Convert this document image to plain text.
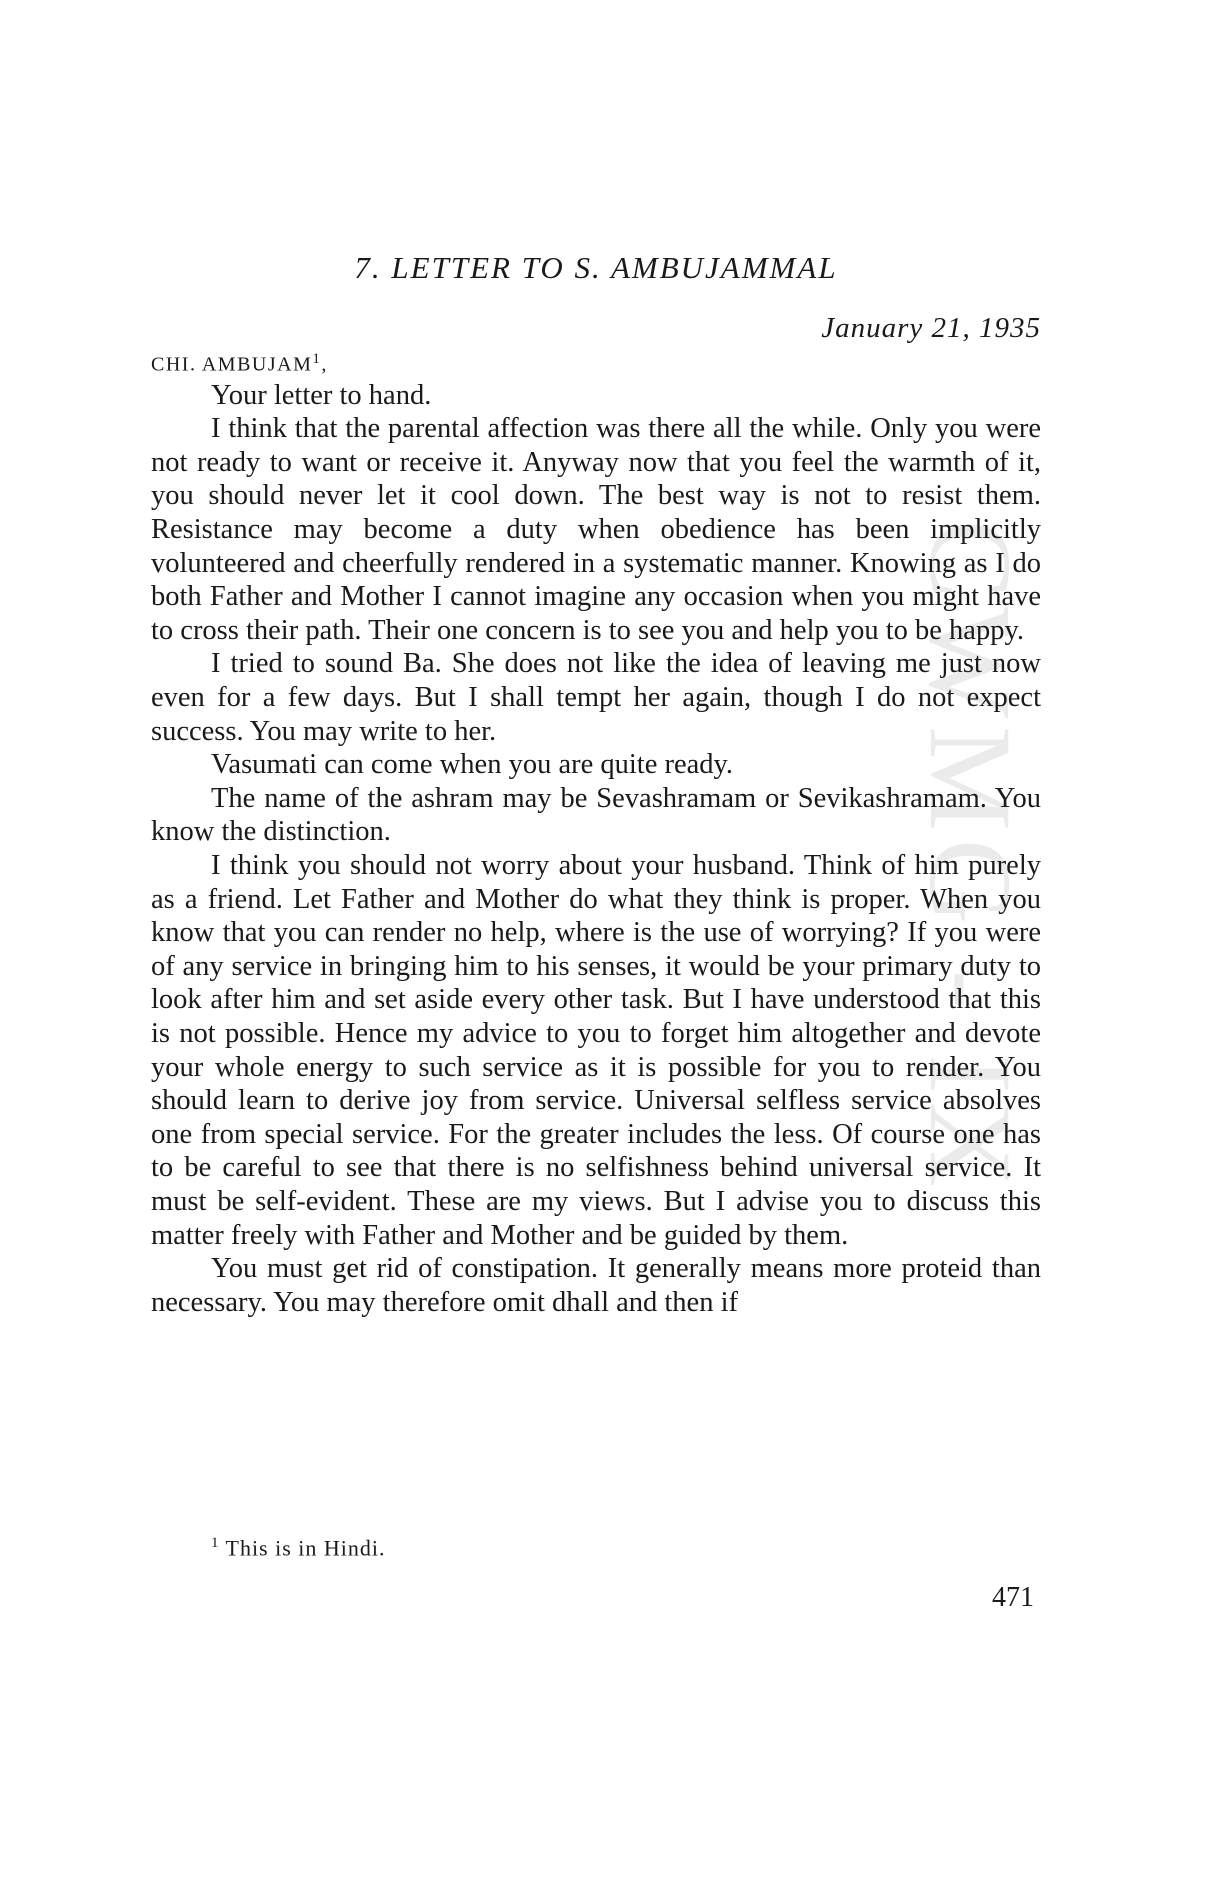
CWMG - IX
7. LETTER TO S. AMBUJAMMAL
January 21, 1935
CHI. AMBUJAM$^1$,

Your letter to hand.

I think that the parental affection was there all the while. Only you were not ready to want or receive it. Anyway now that you feel the warmth of it, you should never let it cool down. The best way is not to resist them. Resistance may become a duty when obedience has been implicitly volunteered and cheerfully rendered in a systematic manner. Knowing as I do both Father and Mother I cannot imagine any occasion when you might have to cross their path. Their one concern is to see you and help you to be happy.

I tried to sound Ba. She does not like the idea of leaving me just now even for a few days. But I shall tempt her again, though I do not expect success. You may write to her.

Vasumati can come when you are quite ready.

The name of the ashram may be Sevashramam or Sevikashramam. You know the distinction.

I think you should not worry about your husband. Think of him purely as a friend. Let Father and Mother do what they think is proper. When you know that you can render no help, where is the use of worrying? If you were of any service in bringing him to his senses, it would be your primary duty to look after him and set aside every other task. But I have understood that this is not possible. Hence my advice to you to forget him altogether and devote your whole energy to such service as it is possible for you to render. You should learn to derive joy from service. Universal selfless service absolves one from special service. For the greater includes the less. Of course one has to be careful to see that there is no selfishness behind universal service. It must be self-evident. These are my views. But I advise you to discuss this matter freely with Father and Mother and be guided by them.

You must get rid of constipation. It generally means more proteid than necessary. You may therefore omit dhall and then if

$^1$ This is in Hindi.
471
